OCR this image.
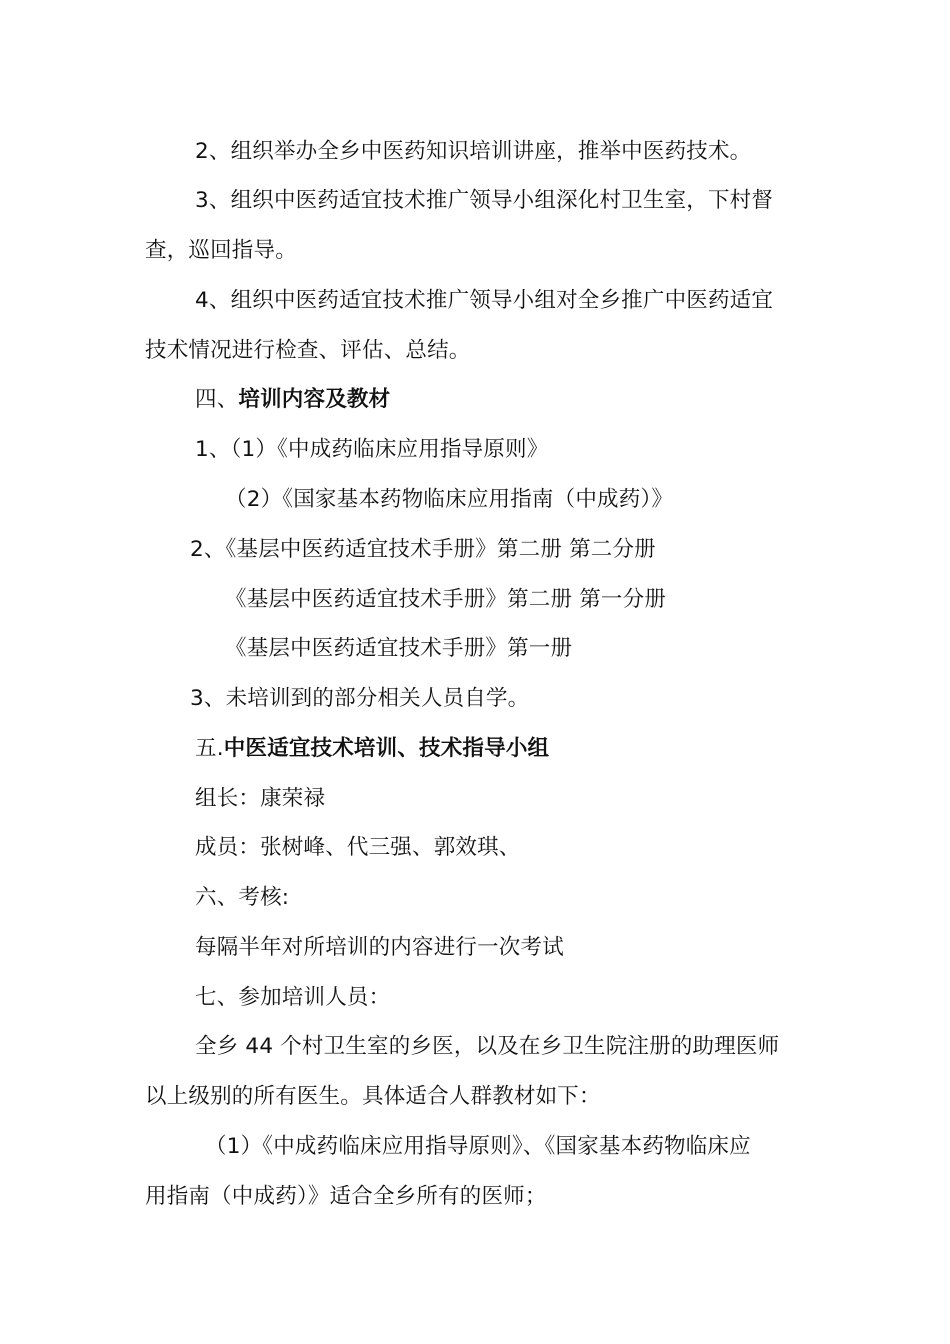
2、组织举办全乡中医药知识培训讲座，推举中医药技术。
3、组织中医药适宜技术推广领导小组深化村卫生室，下村督
查，巡回指导。
4、组织中医药适宜技术推广领导小组对全乡推广中医药适宜
技术情况进行检查、评估、总结。
四、培训内容及教材
1、（1）《中成药临床应用指导原则》
（2）《国家基本药物临床应用指南（中成药）》
2、《基层中医药适宜技术手册》第二册 第二分册
《基层中医药适宜技术手册》第二册 第一分册
《基层中医药适宜技术手册》第一册
3、未培训到的部分相关人员自学。
五.中医适宜技术培训、技术指导小组
组长：康荣禄
成员：张树峰、代三强、郭效琪、
六、考核:
每隔半年对所培训的内容进行一次考试
七、参加培训人员：
全乡 44 个村卫生室的乡医，以及在乡卫生院注册的助理医师
以上级别的所有医生。具体适合人群教材如下：
（1）《中成药临床应用指导原则》、《国家基本药物临床应
用指南（中成药）》适合全乡所有的医师；
